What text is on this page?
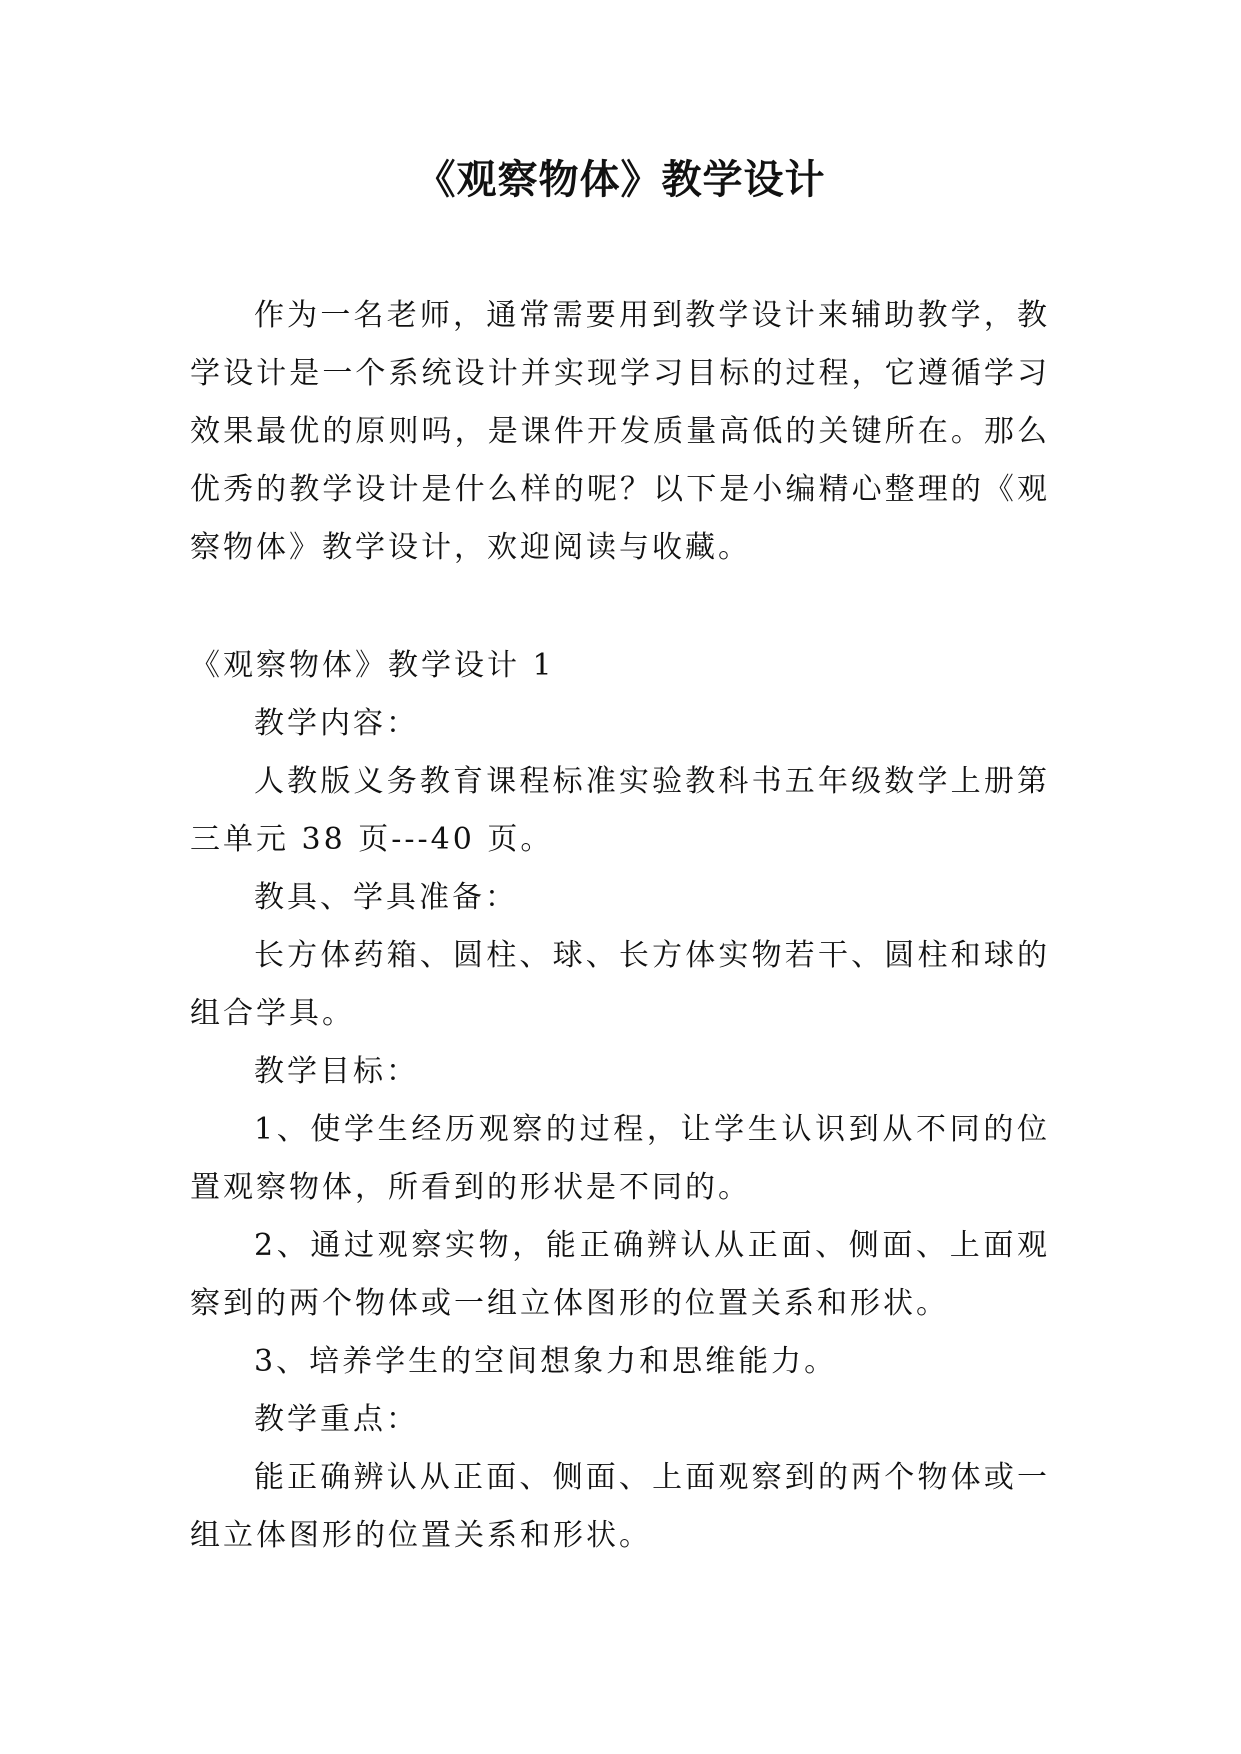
《观察物体》教学设计

作为一名老师，通常需要用到教学设计来辅助教学，教学设计是一个系统设计并实现学习目标的过程，它遵循学习效果最优的原则吗，是课件开发质量高低的关键所在。那么优秀的教学设计是什么样的呢？以下是小编精心整理的《观察物体》教学设计，欢迎阅读与收藏。

《观察物体》教学设计 1

教学内容：

人教版义务教育课程标准实验教科书五年级数学上册第三单元 38 页---40 页。

教具、学具准备：

长方体药箱、圆柱、球、长方体实物若干、圆柱和球的组合学具。

教学目标：

1、使学生经历观察的过程，让学生认识到从不同的位置观察物体，所看到的形状是不同的。

2、通过观察实物，能正确辨认从正面、侧面、上面观察到的两个物体或一组立体图形的位置关系和形状。

3、培养学生的空间想象力和思维能力。

教学重点：

能正确辨认从正面、侧面、上面观察到的两个物体或一组立体图形的位置关系和形状。
